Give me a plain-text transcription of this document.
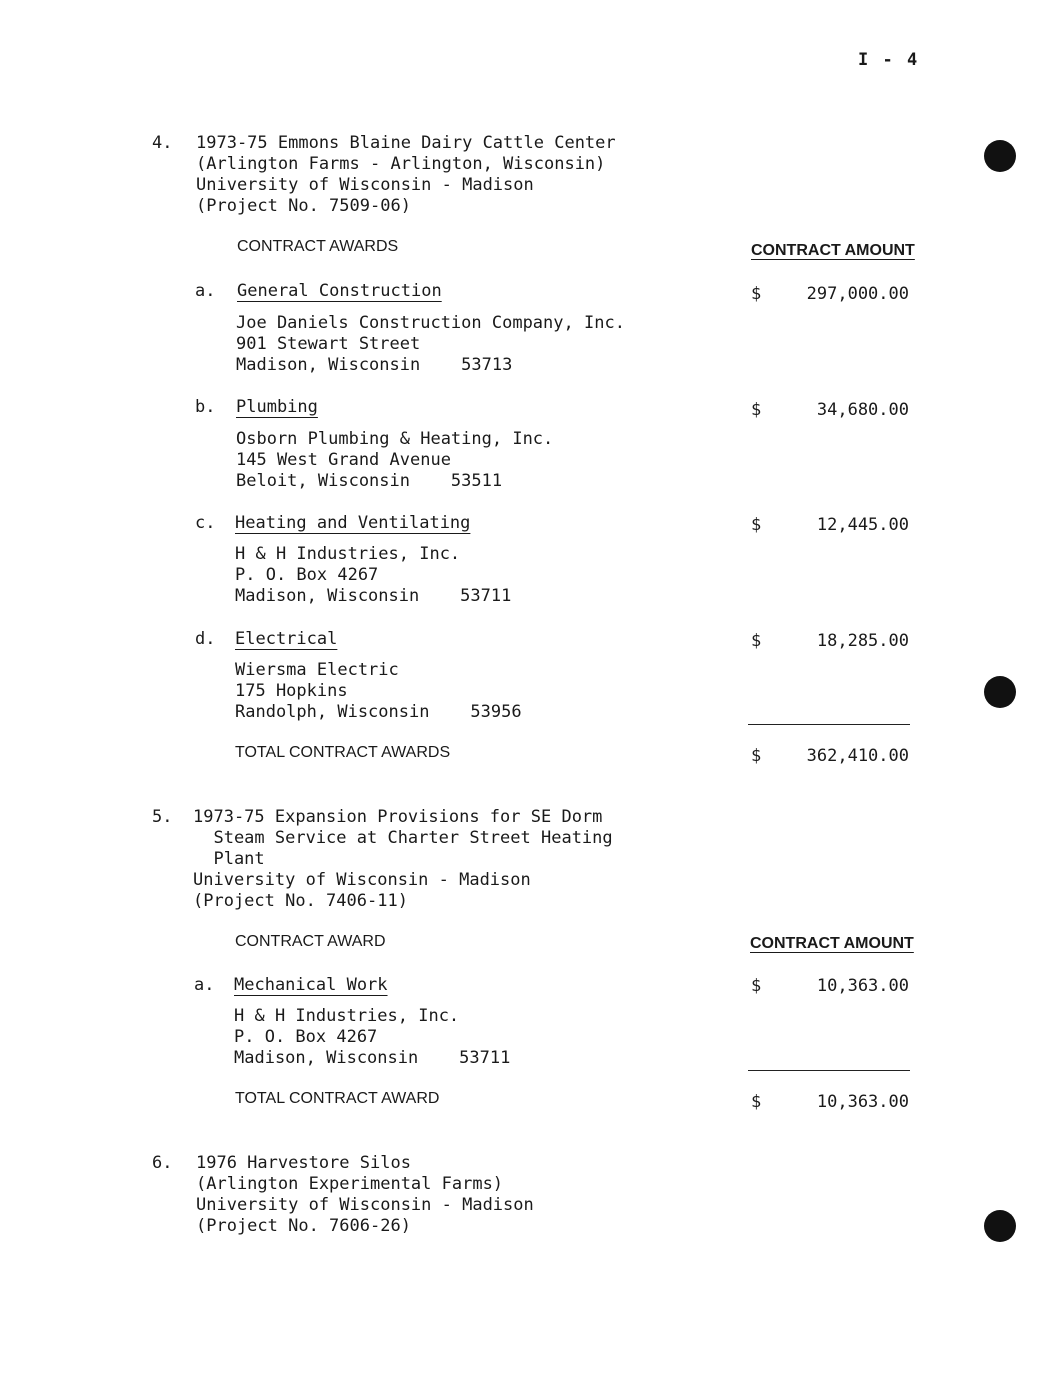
I - 4
4. 1973-75 Emmons Blaine Dairy Cattle Center
(Arlington Farms - Arlington, Wisconsin)
University of Wisconsin - Madison
(Project No. 7509-06)
CONTRACT AWARDS	CONTRACT AMOUNT
a. General Construction	$	297,000.00
Joe Daniels Construction Company, Inc.
901 Stewart Street
Madison, Wisconsin    53713
b. Plumbing	$	34,680.00
Osborn Plumbing & Heating, Inc.
145 West Grand Avenue
Beloit, Wisconsin    53511
c. Heating and Ventilating	$	12,445.00
H & H Industries, Inc.
P. O. Box 4267
Madison, Wisconsin    53711
d. Electrical	$	18,285.00
Wiersma Electric
175 Hopkins
Randolph, Wisconsin    53956
TOTAL CONTRACT AWARDS	$	362,410.00
5. 1973-75 Expansion Provisions for SE Dorm
Steam Service at Charter Street Heating
Plant
University of Wisconsin - Madison
(Project No. 7406-11)
CONTRACT AWARD	CONTRACT AMOUNT
a. Mechanical Work	$	10,363.00
H & H Industries, Inc.
P. O. Box 4267
Madison, Wisconsin    53711
TOTAL CONTRACT AWARD	$	10,363.00
6. 1976 Harvestore Silos
(Arlington Experimental Farms)
University of Wisconsin - Madison
(Project No. 7606-26)
